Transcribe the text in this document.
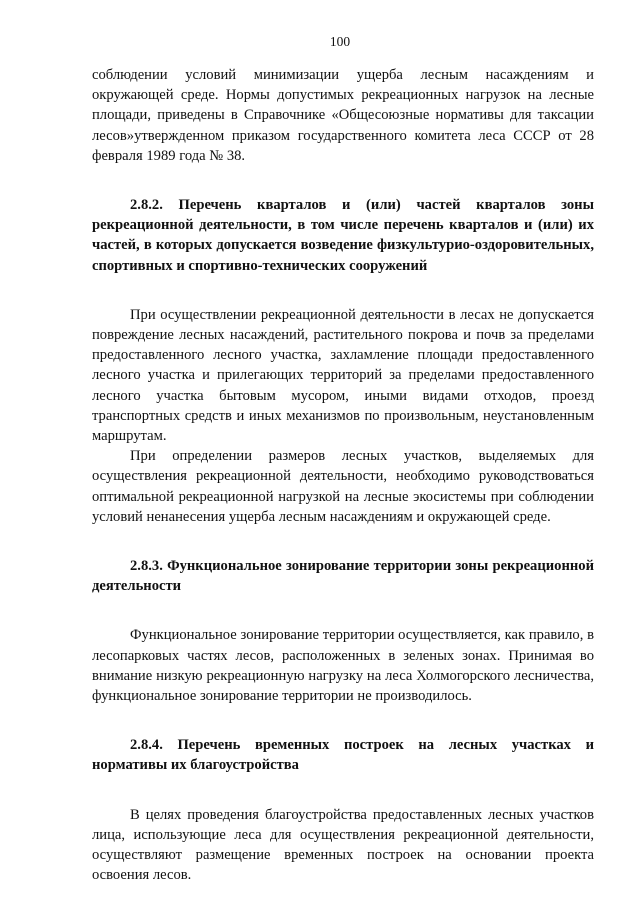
100

соблюдении условий минимизации ущерба лесным насаждениям и окружающей среде. Нормы допустимых рекреационных нагрузок на лесные площади, приведены в Справочнике «Общесоюзные нормативы для таксации лесов»утвержденном приказом государственного комитета леса СССР от 28 февраля 1989 года № 38.

2.8.2. Перечень кварталов и (или) частей кварталов зоны рекреационной деятельности, в том числе перечень кварталов и (или) их частей, в которых допускается возведение физкультурио-оздоровительных, спортивных и спортивно-технических сооружений

При осуществлении рекреационной деятельности в лесах не допускается повреждение лесных насаждений, растительного покрова и почв за пределами предоставленного лесного участка, захламление площади предоставленного лесного участка и прилегающих территорий за пределами предоставленного лесного участка бытовым мусором, иными видами отходов, проезд транспортных средств и иных механизмов по произвольным, неустановленным маршрутам.

При определении размеров лесных участков, выделяемых для осуществления рекреационной деятельности, необходимо руководствоваться оптимальной рекреационной нагрузкой на лесные экосистемы при соблюдении условий ненанесения ущерба лесным насаждениям и окружающей среде.

2.8.3. Функциональное зонирование территории зоны рекреационной деятельности

Функциональное зонирование территории осуществляется, как правило, в лесопарковых частях лесов, расположенных в зеленых зонах. Принимая во внимание низкую рекреационную нагрузку на леса Холмогорского лесничества, функциональное зонирование территории не производилось.

2.8.4. Перечень временных построек на лесных участках и нормативы их благоустройства

В целях проведения благоустройства предоставленных лесных участков лица, использующие леса для осуществления рекреационной деятельности, осуществляют размещение временных построек на основании проекта освоения лесов.
